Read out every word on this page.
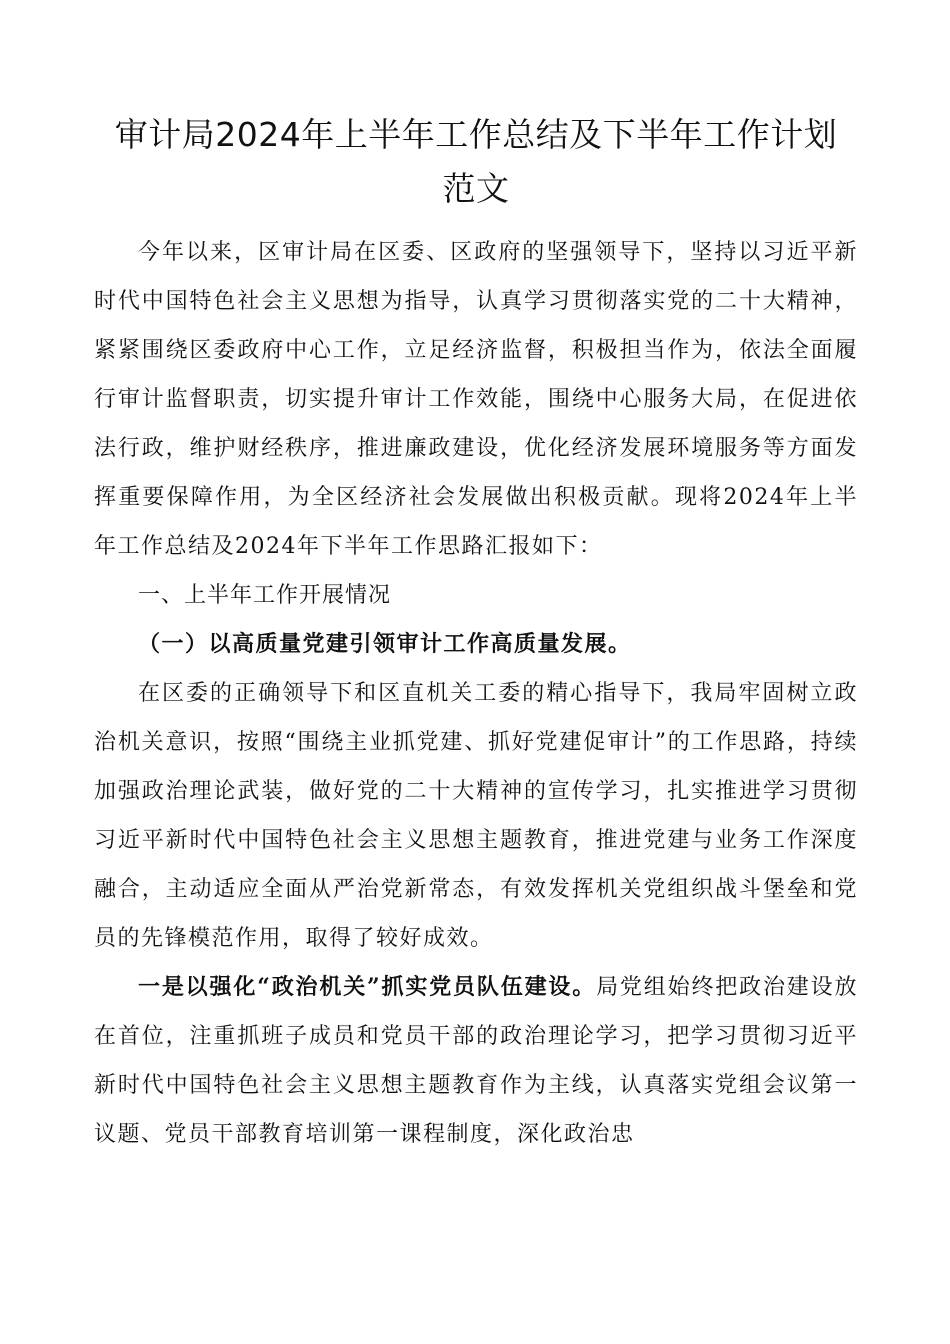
审计局2024年上半年工作总结及下半年工作计划
范文

今年以来，区审计局在区委、区政府的坚强领导下，坚持以习近平新时代中国特色社会主义思想为指导，认真学习贯彻落实党的二十大精神，紧紧围绕区委政府中心工作，立足经济监督，积极担当作为，依法全面履行审计监督职责，切实提升审计工作效能，围绕中心服务大局，在促进依法行政，维护财经秩序，推进廉政建设，优化经济发展环境服务等方面发挥重要保障作用，为全区经济社会发展做出积极贡献。现将2024年上半年工作总结及2024年下半年工作思路汇报如下：

一、上半年工作开展情况

（一）以高质量党建引领审计工作高质量发展。

在区委的正确领导下和区直机关工委的精心指导下，我局牢固树立政治机关意识，按照“围绕主业抓党建、抓好党建促审计”的工作思路，持续加强政治理论武装，做好党的二十大精神的宣传学习，扎实推进学习贯彻习近平新时代中国特色社会主义思想主题教育，推进党建与业务工作深度融合，主动适应全面从严治党新常态，有效发挥机关党组织战斗堡垒和党员的先锋模范作用，取得了较好成效。

一是以强化“政治机关”抓实党员队伍建设。局党组始终把政治建设放在首位，注重抓班子成员和党员干部的政治理论学习，把学习贯彻习近平新时代中国特色社会主义思想主题教育作为主线，认真落实党组会议第一议题、党员干部教育培训第一课程制度，深化政治忠
